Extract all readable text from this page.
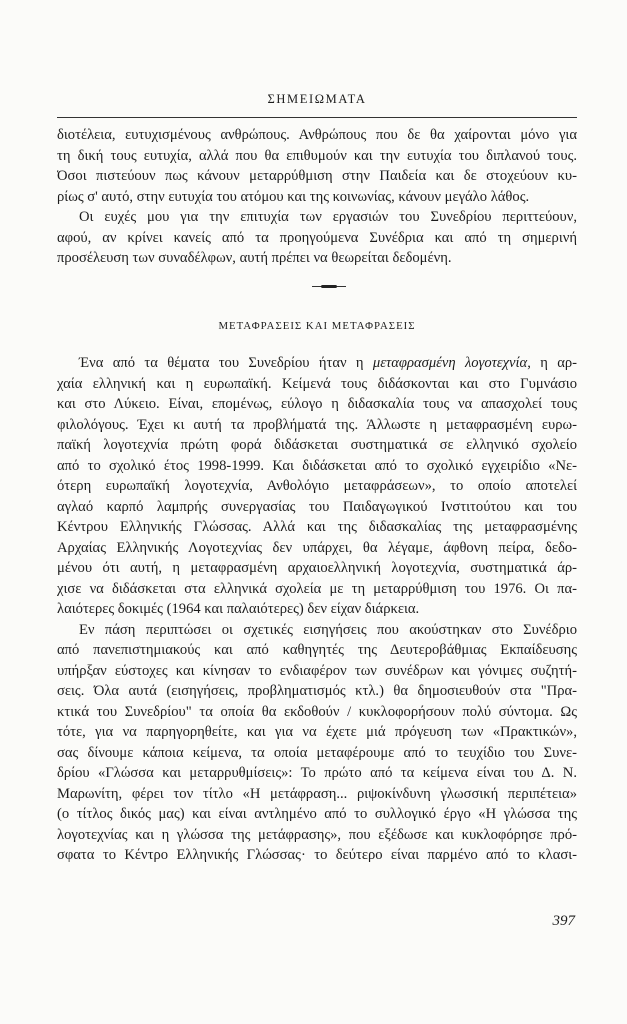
ΣΗΜΕΙΩΜΑΤΑ

διοτέλεια, ευτυχισμένους ανθρώπους. Ανθρώπους που δε θα χαίρονται μόνο για
τη δική τους ευτυχία, αλλά που θα επιθυμούν και την ευτυχία του διπλανού τους.
Όσοι πιστεύουν πως κάνουν μεταρρύθμιση στην Παιδεία και δε στοχεύουν κυ-
ρίως σ' αυτό, στην ευτυχία του ατόμου και της κοινωνίας, κάνουν μεγάλο λάθος.

Οι ευχές μου για την επιτυχία των εργασιών του Συνεδρίου περιττεύουν,
αφού, αν κρίνει κανείς από τα προηγούμενα Συνέδρια και από τη σημερινή
προσέλευση των συναδέλφων, αυτή πρέπει να θεωρείται δεδομένη.

ΜΕΤΑΦΡΑΣΕΙΣ ΚΑΙ ΜΕΤΑΦΡΑΣΕΙΣ

Ένα από τα θέματα του Συνεδρίου ήταν η μεταφρασμένη λογοτεχνία, η αρ-
χαία ελληνική και η ευρωπαϊκή. Κείμενά τους διδάσκονται και στο Γυμνάσιο
και στο Λύκειο. Είναι, επομένως, εύλογο η διδασκαλία τους να απασχολεί τους
φιλολόγους. Έχει κι αυτή τα προβλήματά της. Άλλωστε η μεταφρασμένη ευρω-
παϊκή λογοτεχνία πρώτη φορά διδάσκεται συστηματικά σε ελληνικό σχολείο
από το σχολικό έτος 1998-1999. Και διδάσκεται από το σχολικό εγχειρίδιο «Νε-
ότερη ευρωπαϊκή λογοτεχνία, Ανθολόγιο μεταφράσεων», το οποίο αποτελεί
αγλαό καρπό λαμπρής συνεργασίας του Παιδαγωγικού Ινστιτούτου και του
Κέντρου Ελληνικής Γλώσσας. Αλλά και της διδασκαλίας της μεταφρασμένης
Αρχαίας Ελληνικής Λογοτεχνίας δεν υπάρχει, θα λέγαμε, άφθονη πείρα, δεδο-
μένου ότι αυτή, η μεταφρασμένη αρχαιοελληνική λογοτεχνία, συστηματικά άρ-
χισε να διδάσκεται στα ελληνικά σχολεία με τη μεταρρύθμιση του 1976. Οι πα-
λαιότερες δοκιμές (1964 και παλαιότερες) δεν είχαν διάρκεια.

Εν πάση περιπτώσει οι σχετικές εισηγήσεις που ακούστηκαν στο Συνέδριο
από πανεπιστημιακούς και από καθηγητές της Δευτεροβάθμιας Εκπαίδευσης
υπήρξαν εύστοχες και κίνησαν το ενδιαφέρον των συνέδρων και γόνιμες συζητή-
σεις. Όλα αυτά (εισηγήσεις, προβληματισμός κτλ.) θα δημοσιευθούν στα "Πρα-
κτικά του Συνεδρίου" τα οποία θα εκδοθούν / κυκλοφορήσουν πολύ σύντομα. Ως
τότε, για να παρηγορηθείτε, και για να έχετε μιά πρόγευση των «Πρακτικών»,
σας δίνουμε κάποια κείμενα, τα οποία μεταφέρουμε από το τευχίδιο του Συνε-
δρίου «Γλώσσα και μεταρρυθμίσεις»: Το πρώτο από τα κείμενα είναι του Δ. Ν.
Μαρωνίτη, φέρει τον τίτλο «Η μετάφραση... ριψοκίνδυνη γλωσσική περιπέτεια»
(ο τίτλος δικός μας) και είναι αντλημένο από το συλλογικό έργο «Η γλώσσα της
λογοτεχνίας και η γλώσσα της μετάφρασης», που εξέδωσε και κυκλοφόρησε πρό-
σφατα το Κέντρο Ελληνικής Γλώσσας· το δεύτερο είναι παρμένο από το κλασι-

397
